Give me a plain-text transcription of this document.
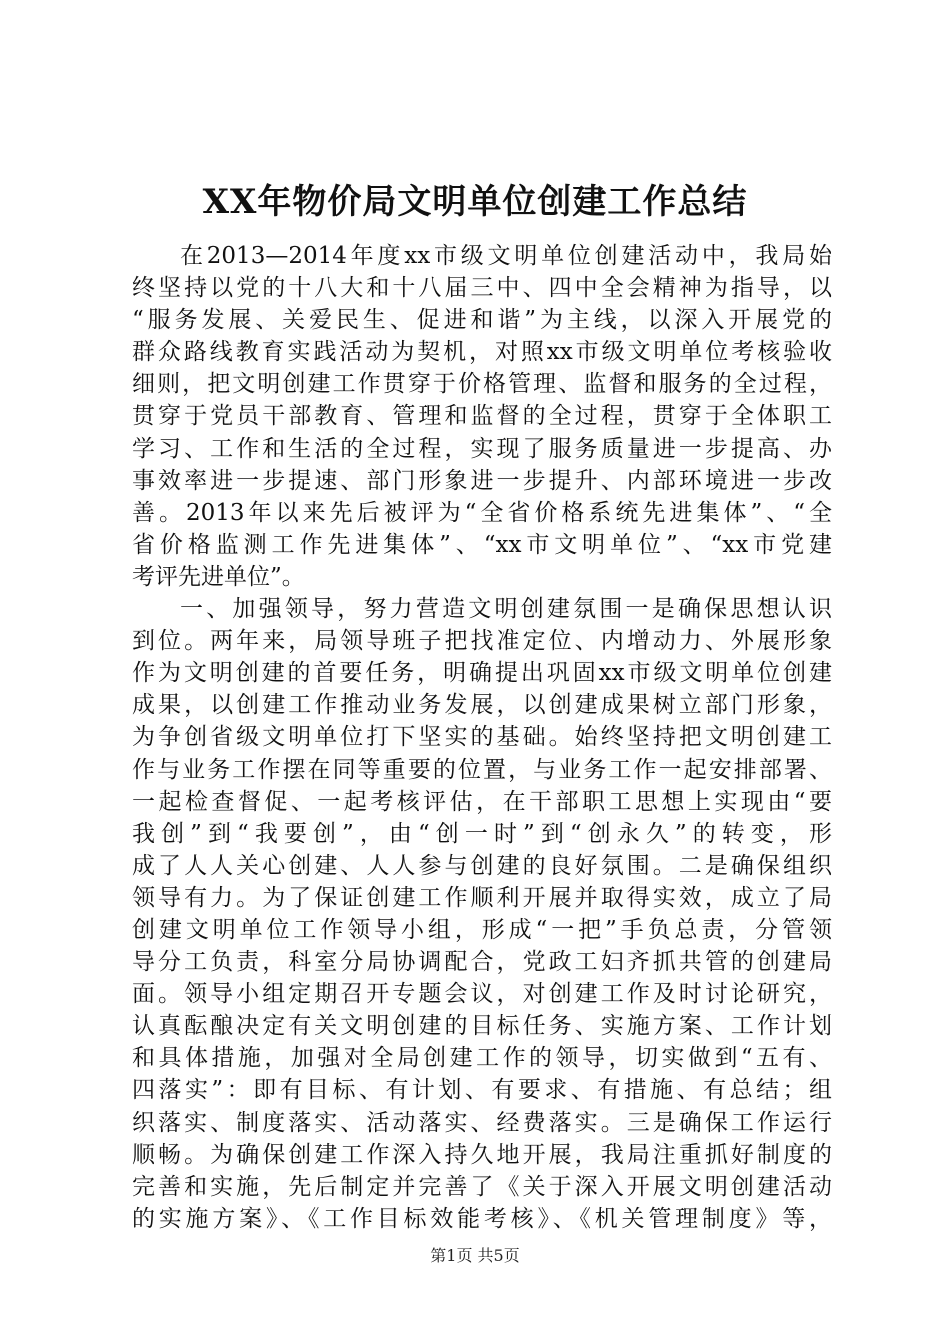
XX年物价局文明单位创建工作总结
在2013—2014年度xx市级文明单位创建活动中，我局始
终坚持以党的十八大和十八届三中、四中全会精神为指导，以
“服务发展、关爱民生、促进和谐”为主线，以深入开展党的
群众路线教育实践活动为契机，对照xx市级文明单位考核验收
细则，把文明创建工作贯穿于价格管理、监督和服务的全过程，
贯穿于党员干部教育、管理和监督的全过程，贯穿于全体职工
学习、工作和生活的全过程，实现了服务质量进一步提高、办
事效率进一步提速、部门形象进一步提升、内部环境进一步改
善。2013年以来先后被评为“全省价格系统先进集体”、“全
省价格监测工作先进集体”、“xx市文明单位”、“xx市党建
考评先进单位”。
一、加强领导，努力营造文明创建氛围一是确保思想认识
到位。两年来，局领导班子把找准定位、内增动力、外展形象
作为文明创建的首要任务，明确提出巩固xx市级文明单位创建
成果，以创建工作推动业务发展，以创建成果树立部门形象，
为争创省级文明单位打下坚实的基础。始终坚持把文明创建工
作与业务工作摆在同等重要的位置，与业务工作一起安排部署、
一起检查督促、一起考核评估，在干部职工思想上实现由“要
我创”到“我要创”，由“创一时”到“创永久”的转变，形
成了人人关心创建、人人参与创建的良好氛围。二是确保组织
领导有力。为了保证创建工作顺利开展并取得实效，成立了局
创建文明单位工作领导小组，形成“一把”手负总责，分管领
导分工负责，科室分局协调配合，党政工妇齐抓共管的创建局
面。领导小组定期召开专题会议，对创建工作及时讨论研究，
认真酝酿决定有关文明创建的目标任务、实施方案、工作计划
和具体措施，加强对全局创建工作的领导，切实做到“五有、
四落实”：即有目标、有计划、有要求、有措施、有总结；组
织落实、制度落实、活动落实、经费落实。三是确保工作运行
顺畅。为确保创建工作深入持久地开展，我局注重抓好制度的
完善和实施，先后制定并完善了《关于深入开展文明创建活动
的实施方案》、《工作目标效能考核》、《机关管理制度》等，
第1页 共5页
